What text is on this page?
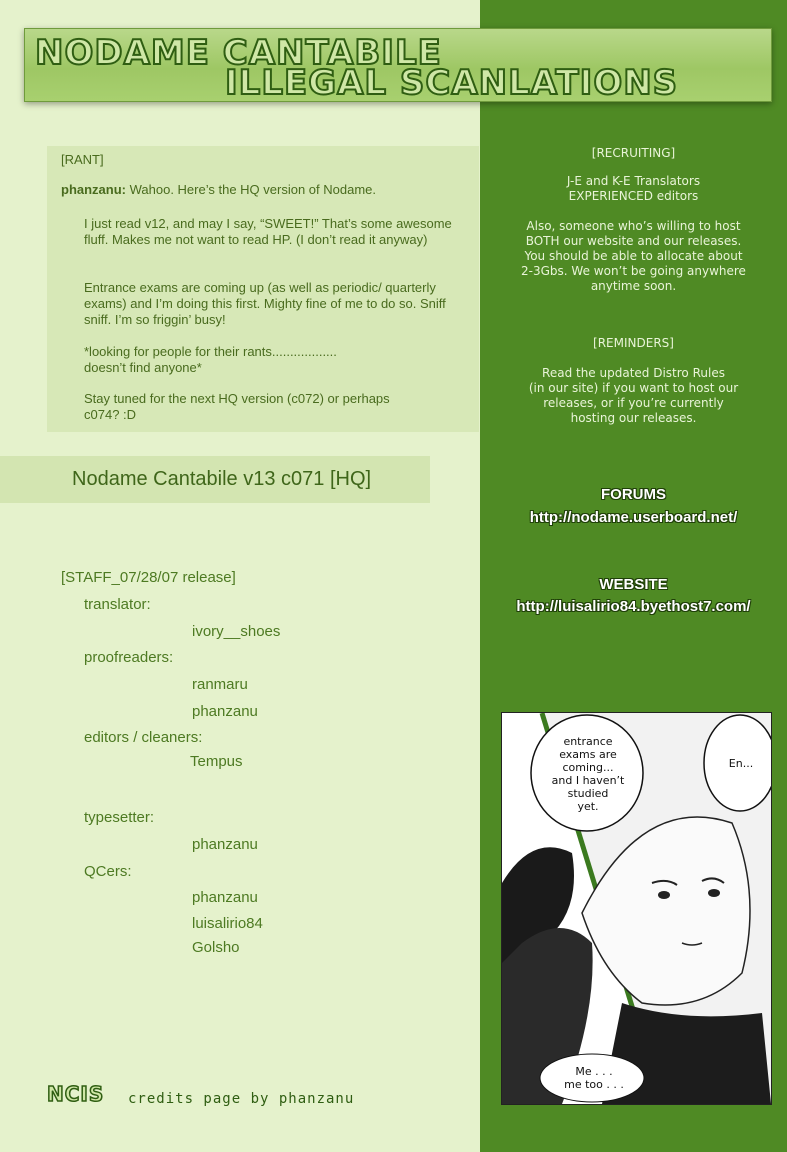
NODAME CANTABILE
ILLEGAL SCANLATIONS

[RANT]

phanzanu: Wahoo. Here’s the HQ version of Nodame.

I just read v12, and may I say, “SWEET!” That’s some awesome fluff. Makes me not want to read HP. (I don’t read it anyway)

Entrance exams are coming up (as well as periodic/ quarterly exams) and I’m doing this first. Mighty fine of me to do so. Sniff sniff. I’m so friggin’ busy!

*looking for people for their rants.................. doesn’t find anyone*

Stay tuned for the next HQ version (c072) or perhaps c074? :D

Nodame Cantabile v13 c071 [HQ]
[STAFF_07/28/07 release]
translator:
ivory__shoes
proofreaders:
ranmaru
phanzanu
editors / cleaners:
Tempus
typesetter:
phanzanu
QCers:
phanzanu
luisalirio84
Golsho
[RECRUITING]
J-E and K-E Translators
EXPERIENCED editors
Also, someone who’s willing to host
BOTH our website and our releases.
You should be able to allocate about
2-3Gbs. We won’t be going anywhere
anytime soon.
[REMINDERS]
Read the updated Distro Rules
(in our site) if you want to host our
releases, or if you’re currently
hosting our releases.
FORUMS
http://nodame.userboard.net/
WEBSITE
http://luisalirio84.byethost7.com/
entrance
exams are
coming...
and I haven’t
studied
yet.
En...
Me . . .
me too . . .
NCIS credits page by phanzanu
